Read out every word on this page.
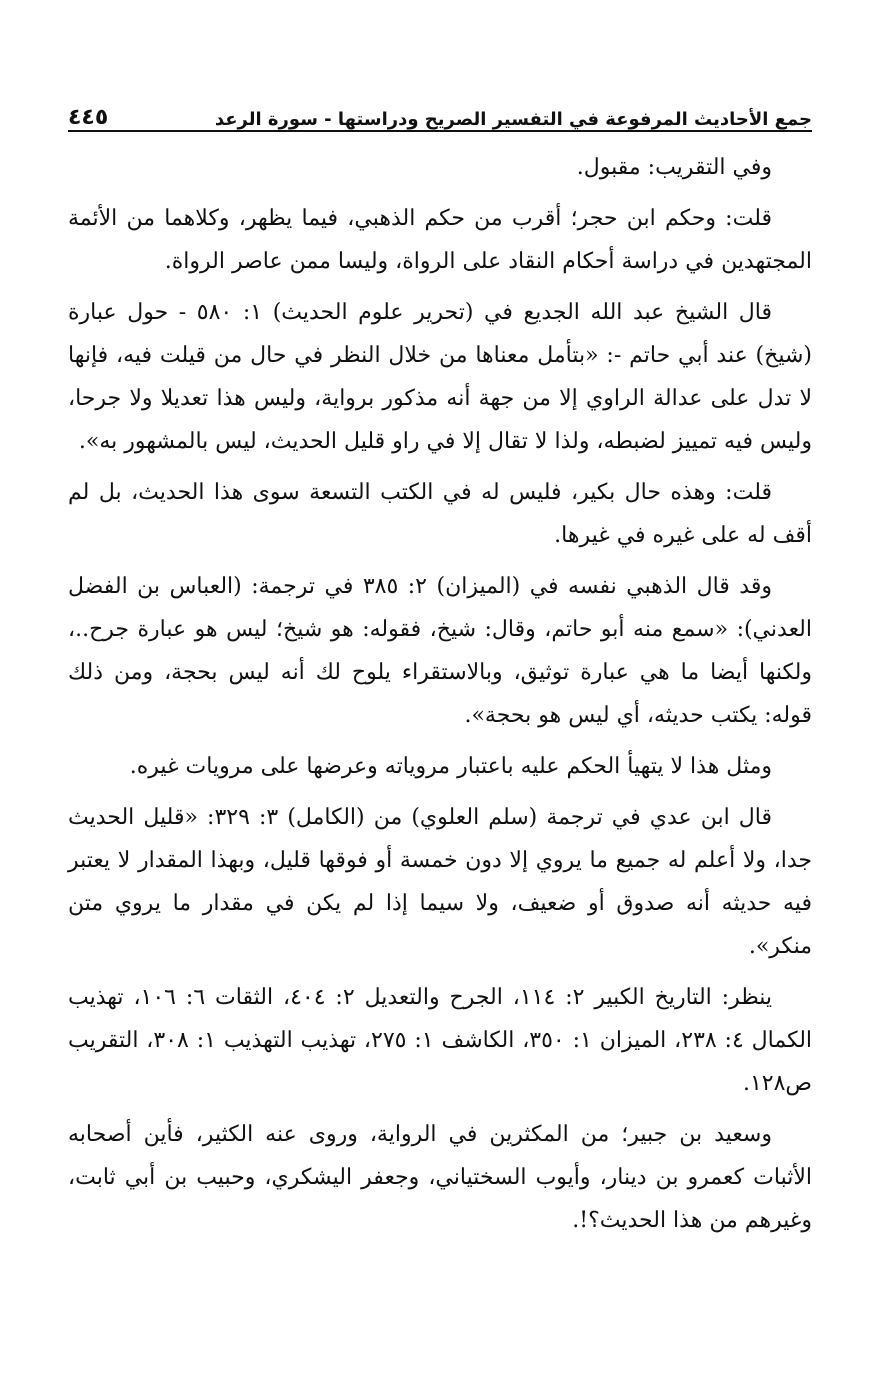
جمع الأحاديث المرفوعة في التفسير الصريح ودراستها - سورة الرعد
٤٤٥

وفي التقريب: مقبول.

قلت: وحكم ابن حجر؛ أقرب من حكم الذهبي، فيما يظهر، وكلاهما من الأئمة المجتهدين في دراسة أحكام النقاد على الرواة، وليسا ممن عاصر الرواة.

قال الشيخ عبد الله الجديع في (تحرير علوم الحديث) ١: ٥٨٠ - حول عبارة (شيخ) عند أبي حاتم -: «بتأمل معناها من خلال النظر في حال من قيلت فيه، فإنها لا تدل على عدالة الراوي إلا من جهة أنه مذكور برواية، وليس هذا تعديلا ولا جرحا، وليس فيه تمييز لضبطه، ولذا لا تقال إلا في راو قليل الحديث، ليس بالمشهور به».

قلت: وهذه حال بكير، فليس له في الكتب التسعة سوى هذا الحديث، بل لم أقف له على غيره في غيرها.

وقد قال الذهبي نفسه في (الميزان) ٢: ٣٨٥ في ترجمة: (العباس بن الفضل العدني): «سمع منه أبو حاتم، وقال: شيخ، فقوله: هو شيخ؛ ليس هو عبارة جرح..، ولكنها أيضا ما هي عبارة توثيق، وبالاستقراء يلوح لك أنه ليس بحجة، ومن ذلك قوله: يكتب حديثه، أي ليس هو بحجة».

ومثل هذا لا يتهيأ الحكم عليه باعتبار مروياته وعرضها على مرويات غيره.

قال ابن عدي في ترجمة (سلم العلوي) من (الكامل) ٣: ٣٢٩: «قليل الحديث جدا، ولا أعلم له جميع ما يروي إلا دون خمسة أو فوقها قليل، وبهذا المقدار لا يعتبر فيه حديثه أنه صدوق أو ضعيف، ولا سيما إذا لم يكن في مقدار ما يروي متن منكر».

ينظر: التاريخ الكبير ٢: ١١٤، الجرح والتعديل ٢: ٤٠٤، الثقات ٦: ١٠٦، تهذيب الكمال ٤: ٢٣٨، الميزان ١: ٣٥٠، الكاشف ١: ٢٧٥، تهذيب التهذيب ١: ٣٠٨، التقريب ص١٢٨.

وسعيد بن جبير؛ من المكثرين في الرواية، وروى عنه الكثير، فأين أصحابه الأثبات كعمرو بن دينار، وأيوب السختياني، وجعفر اليشكري، وحبيب بن أبي ثابت، وغيرهم من هذا الحديث؟!.
